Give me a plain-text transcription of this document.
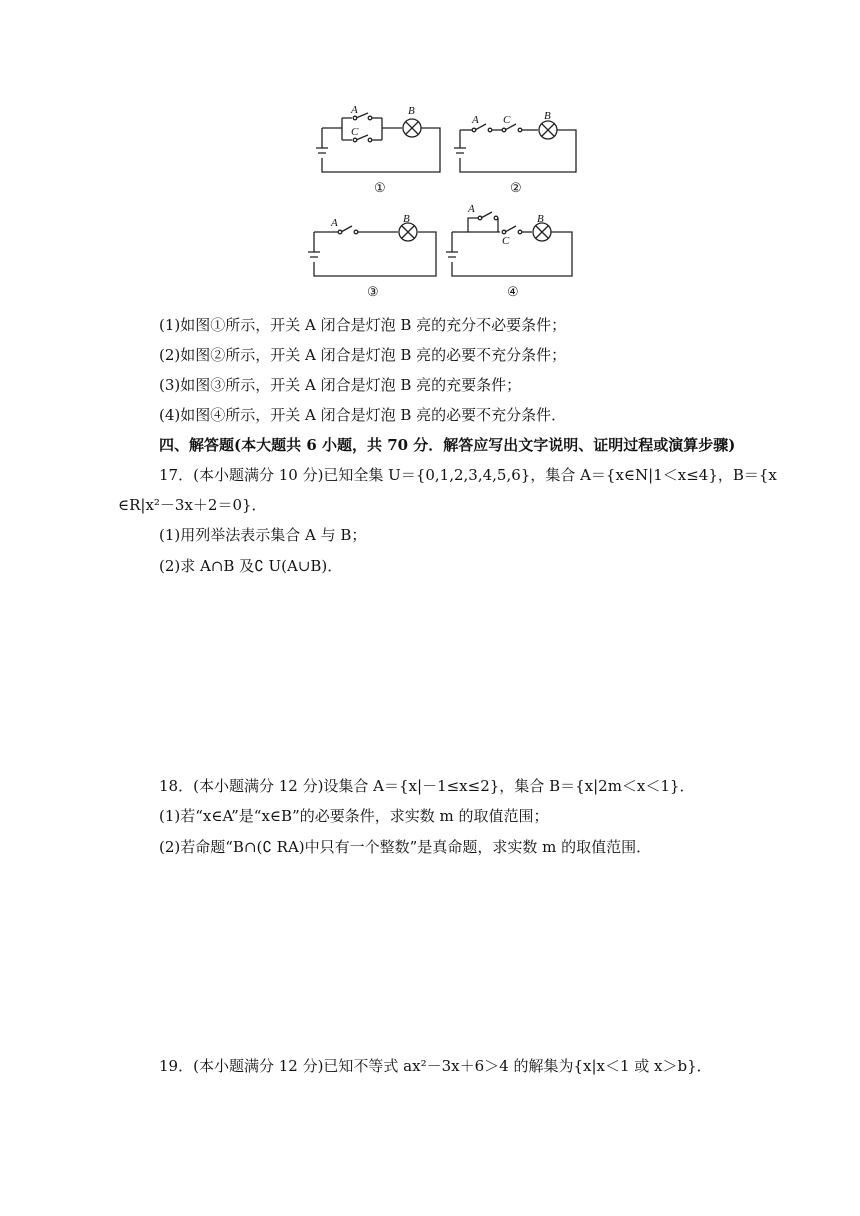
A
C
B
A C	B
A	B
A
C
B
①	②
③	④
(1)如图①所示，开关 A 闭合是灯泡 B 亮的充分不必要条件；
(2)如图②所示，开关 A 闭合是灯泡 B 亮的必要不充分条件；
(3)如图③所示，开关 A 闭合是灯泡 B 亮的充要条件；
(4)如图④所示，开关 A 闭合是灯泡 B 亮的必要不充分条件．
四、解答题(本大题共 6 小题，共 70 分．解答应写出文字说明、证明过程或演算步骤)
17．(本小题满分 10 分)已知全集 U＝{0,1,2,3,4,5,6}，集合 A＝{x∈N|1＜x≤4}，B＝{x
∈R|x²－3x＋2＝0}．
(1)用列举法表示集合 A 与 B；
(2)求 A∩B 及∁ U(A∪B)．
18．(本小题满分 12 分)设集合 A＝{x|－1≤x≤2}，集合 B＝{x|2m＜x＜1}．
(1)若“x∈A”是“x∈B”的必要条件，求实数 m 的取值范围；
(2)若命题“B∩(∁ RA)中只有一个整数”是真命题，求实数 m 的取值范围．
19．(本小题满分 12 分)已知不等式 ax²－3x＋6＞4 的解集为{x|x＜1 或 x＞b}．
